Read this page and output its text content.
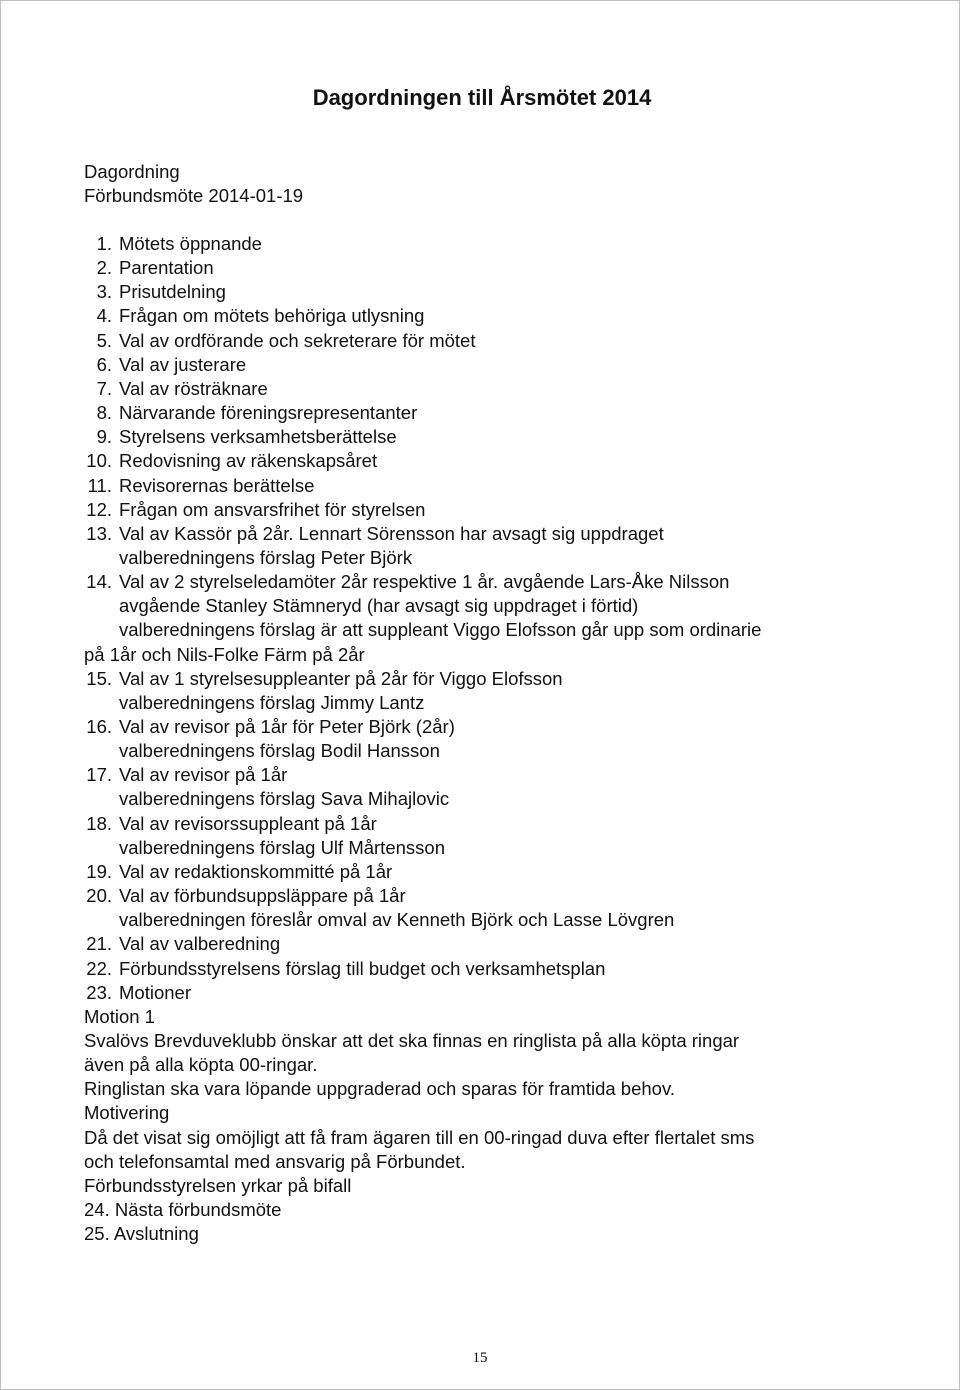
Dagordningen till Årsmötet 2014
Dagordning
Förbundsmöte 2014-01-19
1. Mötets öppnande
2. Parentation
3. Prisutdelning
4. Frågan om mötets behöriga utlysning
5. Val av ordförande och sekreterare för mötet
6. Val av justerare
7. Val av rösträknare
8. Närvarande föreningsrepresentanter
9. Styrelsens verksamhetsberättelse
10. Redovisning av räkenskapsåret
11. Revisorernas berättelse
12. Frågan om ansvarsfrihet för styrelsen
13. Val av Kassör på 2år. Lennart Sörensson har avsagt sig uppdraget
valberedningens förslag Peter Björk
14. Val av 2 styrelseledamöter 2år respektive 1 år. avgående Lars-Åke Nilsson
avgående Stanley Stämneryd (har avsagt sig uppdraget i förtid)
valberedningens förslag är att suppleant Viggo Elofsson går upp som ordinarie
på 1år och Nils-Folke Färm på 2år
15. Val av 1 styrelsesuppleanter på 2år för Viggo Elofsson
valberedningens förslag Jimmy Lantz
16. Val av revisor på 1år för Peter Björk (2år)
valberedningens förslag Bodil Hansson
17. Val av revisor på 1år
valberedningens förslag Sava Mihajlovic
18. Val av revisorssuppleant på 1år
valberedningens förslag Ulf Mårtensson
19. Val av redaktionskommitté på 1år
20. Val av förbundsuppsläppare på 1år
valberedningen föreslår omval av Kenneth Björk och Lasse Lövgren
21. Val av valberedning
22. Förbundsstyrelsens förslag till budget och verksamhetsplan
23. Motioner
Motion 1
Svalövs Brevduveklubb önskar att det ska finnas en ringlista på alla köpta ringar
även på alla köpta 00-ringar.
Ringlistan ska vara löpande uppgraderad och sparas för framtida behov.
Motivering
Då det visat sig omöjligt att få fram ägaren till en 00-ringad duva efter flertalet sms
och telefonsamtal med ansvarig på Förbundet.
Förbundsstyrelsen yrkar på bifall
24. Nästa förbundsmöte
25. Avslutning
15
